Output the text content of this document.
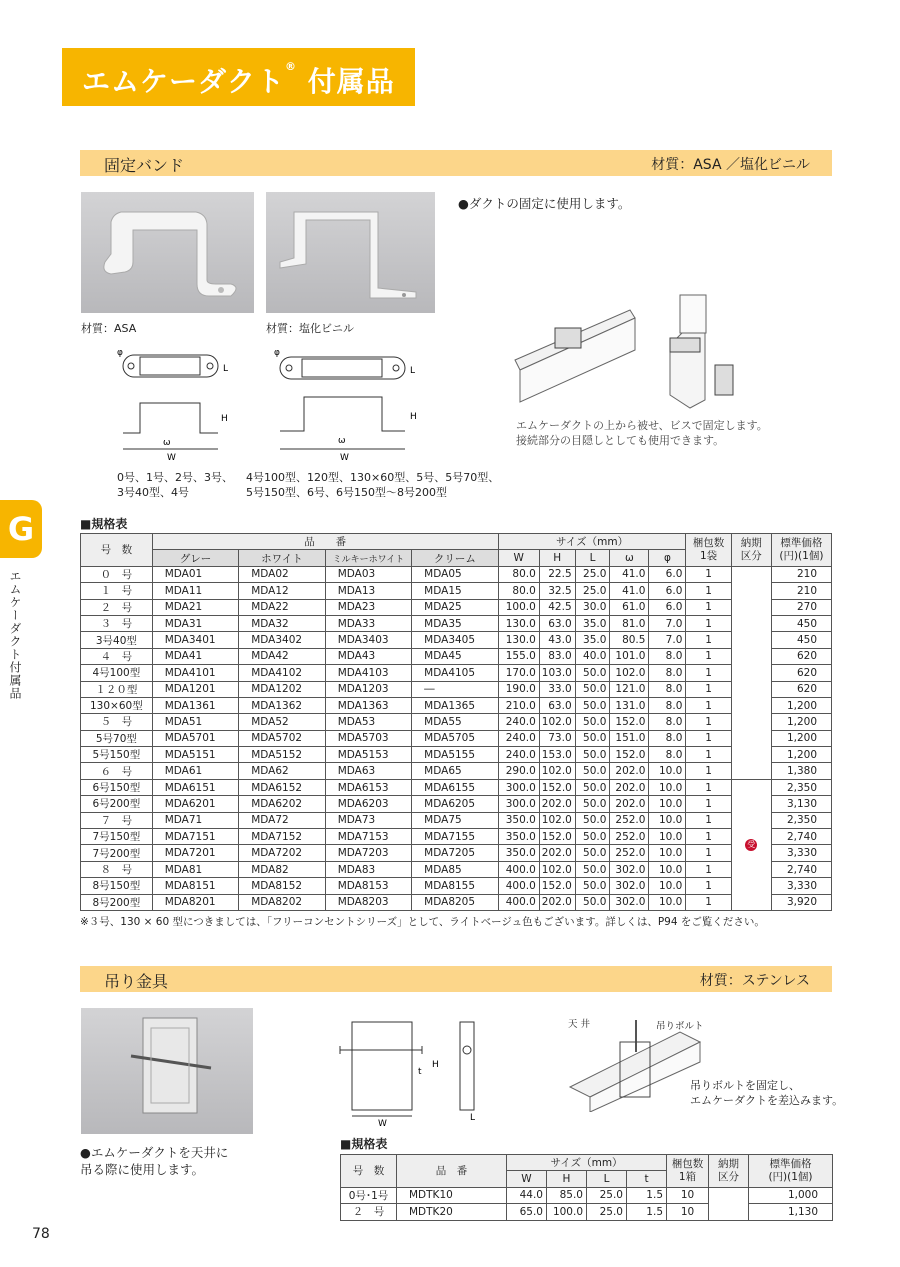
エムケーダクト® 付属品
G
エムケーダクト付属品
固定バンド	材質：ASA ／塩化ビニル
材質：ASA	材質：塩化ビニル
φ
L
H
ω
W
φ
L
H
ω
W
0号、1号、2号、3号、
3号40型、4号
4号100型、120型、130×60型、5号、5号70型、
5号150型、6号、6号150型～8号200型
●ダクトの固定に使用します。
エムケーダクトの上から被せ、ビスで固定します。
接続部分の目隠しとしても使用できます。
■規格表
号　数	品　　番				サイズ（mm）					梱包数
1袋	納期
区分	標準価格
(円)(1個)
	グレー	ホワイト	ミルキーホワイト	クリーム	W	H	L	ω	φ			
０　号	MDA01	MDA02	MDA03	MDA05	80.0	22.5	25.0	41.0	6.0	1		210
１　号	MDA11	MDA12	MDA13	MDA15	80.0	32.5	25.0	41.0	6.0	1		210
２　号	MDA21	MDA22	MDA23	MDA25	100.0	42.5	30.0	61.0	6.0	1		270
３　号	MDA31	MDA32	MDA33	MDA35	130.0	63.0	35.0	81.0	7.0	1		450
3号40型	MDA3401	MDA3402	MDA3403	MDA3405	130.0	43.0	35.0	80.5	7.0	1		450
４　号	MDA41	MDA42	MDA43	MDA45	155.0	83.0	40.0	101.0	8.0	1		620
4号100型	MDA4101	MDA4102	MDA4103	MDA4105	170.0	103.0	50.0	102.0	8.0	1		620
１２０型	MDA1201	MDA1202	MDA1203	―	190.0	33.0	50.0	121.0	8.0	1		620
130×60型	MDA1361	MDA1362	MDA1363	MDA1365	210.0	63.0	50.0	131.0	8.0	1		1,200
５　号	MDA51	MDA52	MDA53	MDA55	240.0	102.0	50.0	152.0	8.0	1		1,200
5号70型	MDA5701	MDA5702	MDA5703	MDA5705	240.0	73.0	50.0	151.0	8.0	1		1,200
5号150型	MDA5151	MDA5152	MDA5153	MDA5155	240.0	153.0	50.0	152.0	8.0	1		1,200
６　号	MDA61	MDA62	MDA63	MDA65	290.0	102.0	50.0	202.0	10.0	1		1,380
6号150型	MDA6151	MDA6152	MDA6153	MDA6155	300.0	152.0	50.0	202.0	10.0	1	受	2,350
6号200型	MDA6201	MDA6202	MDA6203	MDA6205	300.0	202.0	50.0	202.0	10.0	1		3,130
７　号	MDA71	MDA72	MDA73	MDA75	350.0	102.0	50.0	252.0	10.0	1		2,350
7号150型	MDA7151	MDA7152	MDA7153	MDA7155	350.0	152.0	50.0	252.0	10.0	1		2,740
7号200型	MDA7201	MDA7202	MDA7203	MDA7205	350.0	202.0	50.0	252.0	10.0	1		3,330
８　号	MDA81	MDA82	MDA83	MDA85	400.0	102.0	50.0	302.0	10.0	1		2,740
8号150型	MDA8151	MDA8152	MDA8153	MDA8155	400.0	152.0	50.0	302.0	10.0	1		3,330
8号200型	MDA8201	MDA8202	MDA8203	MDA8205	400.0	202.0	50.0	302.0	10.0	1		3,920
※３号、130 × 60 型につきましては、「フリーコンセントシリーズ」として、ライトベージュ色もございます。詳しくは、P94 をご覧ください。
吊り金具	材質：ステンレス
●エムケーダクトを天井に
吊る際に使用します。
H
t
W
L
天 井	吊りボルト
吊りボルトを固定し、
エムケーダクトを差込みます。
■規格表
号　数	品　番	サイズ（mm）				梱包数
1箱	納期
区分	標準価格
(円)(1個)
		W	H	L	t			
0号･1号	MDTK10	44.0	85.0	25.0	1.5	10		1,000
２　号	MDTK20	65.0	100.0	25.0	1.5	10		1,130
78
